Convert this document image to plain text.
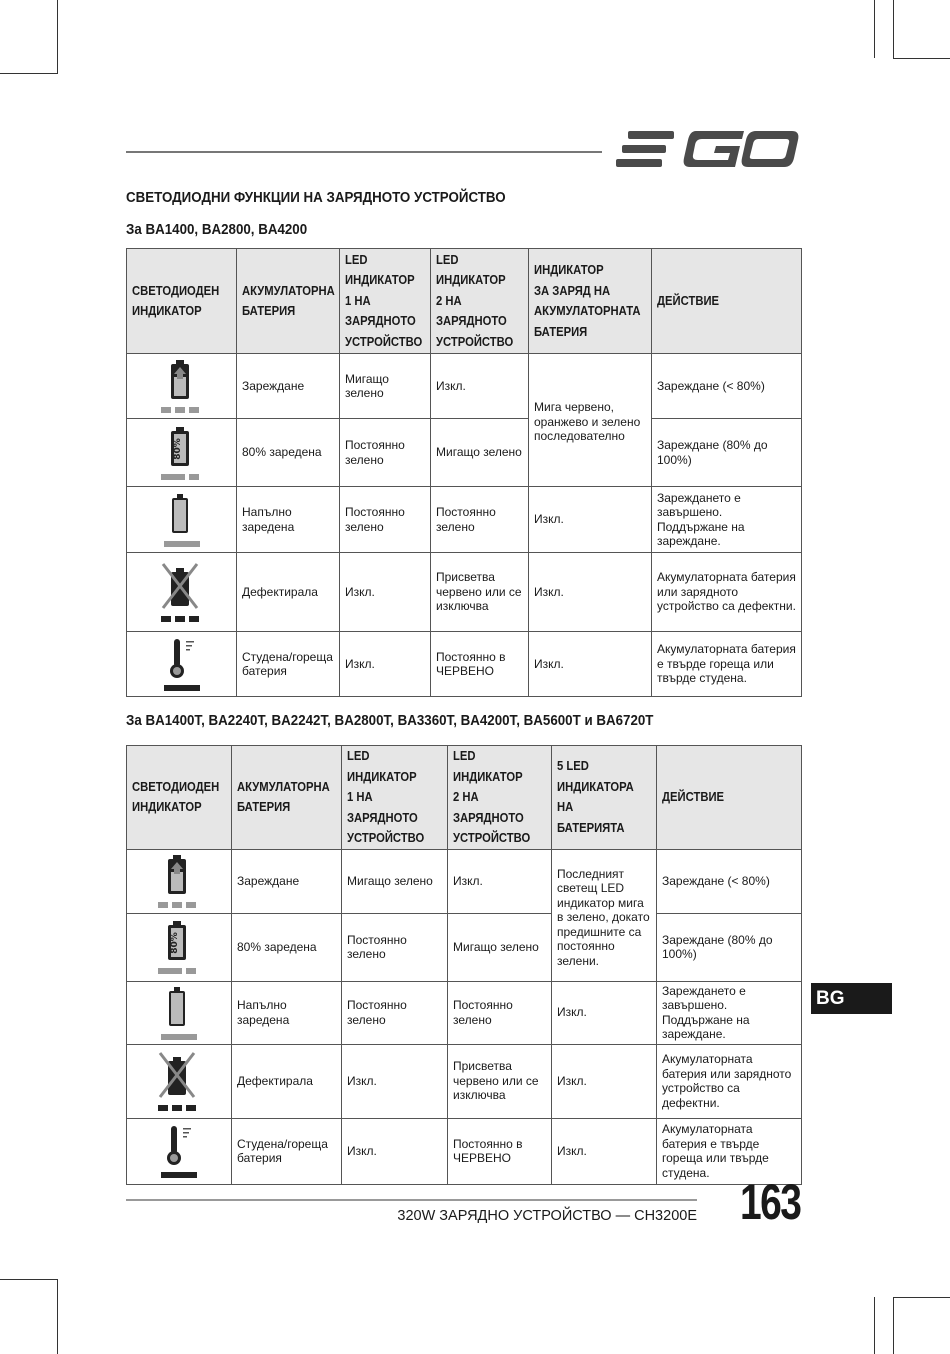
СВЕТОДИОДНИ ФУНКЦИИ НА ЗАРЯДНОТО УСТРОЙСТВО
За BA1400, BA2800, BA4200
СВЕТОДИОДЕН
ИНДИКАТОР	АКУМУЛАТОРНА
БАТЕРИЯ	LED
ИНДИКАТОР
1 НА
ЗАРЯДНОТО
УСТРОЙСТВО	LED
ИНДИКАТОР
2 НА
ЗАРЯДНОТО
УСТРОЙСТВО	ИНДИКАТОР
ЗА ЗАРЯД НА
АКУМУЛАТОРНАТА
БАТЕРИЯ	ДЕЙСТВИЕ

	Зареждане	Мигащо зелено	Изкл.	Мига червено, оранжево и зелено последователно	Зареждане (< 80%)

80%	80% заредена	Постоянно зелено	Мигащо зелено		Зареждане (80% до 100%)

	Напълно заредена	Постоянно зелено	Постоянно зелено	Изкл.	Зареждането е завършено. Поддържане на зареждане.

	Дефектирала	Изкл.	Присветва червено или се изключва	Изкл.	Акумулаторната батерия или зарядното устройство са дефектни.

	Студена/гореща батерия	Изкл.	Постоянно в ЧЕРВЕНО	Изкл.	Акумулаторната батерия е твърде гореща или твърде студена.
За BA1400T, BA2240T, BA2242T, BA2800T, BA3360T, BA4200T, BA5600T и BA6720T
СВЕТОДИОДЕН
ИНДИКАТОР	АКУМУЛАТОРНА
БАТЕРИЯ	LED ИНДИКАТОР
1 НА
ЗАРЯДНОТО
УСТРОЙСТВО	LED ИНДИКАТОР
2 НА
ЗАРЯДНОТО
УСТРОЙСТВО	5 LED
ИНДИКАТОРА
НА БАТЕРИЯТА	ДЕЙСТВИЕ

	Зареждане	Мигащо зелено	Изкл.	Последният светещ LED индикатор мига в зелено, докато предишните са постоянно зелени.	Зареждане (< 80%)

80%	80% заредена	Постоянно зелено	Мигащо зелено		Зареждане (80% до 100%)

	Напълно заредена	Постоянно зелено	Постоянно зелено	Изкл.	Зареждането е завършено. Поддържане на зареждане.

	Дефектирала	Изкл.	Присветва червено или се изключва	Изкл.	Акумулаторната батерия или зарядното устройство са дефектни.

	Студена/гореща батерия	Изкл.	Постоянно в ЧЕРВЕНО	Изкл.	Акумулаторната батерия е твърде гореща или твърде студена.
BG
320W ЗАРЯДНО УСТРОЙСТВО — CH3200E 163
